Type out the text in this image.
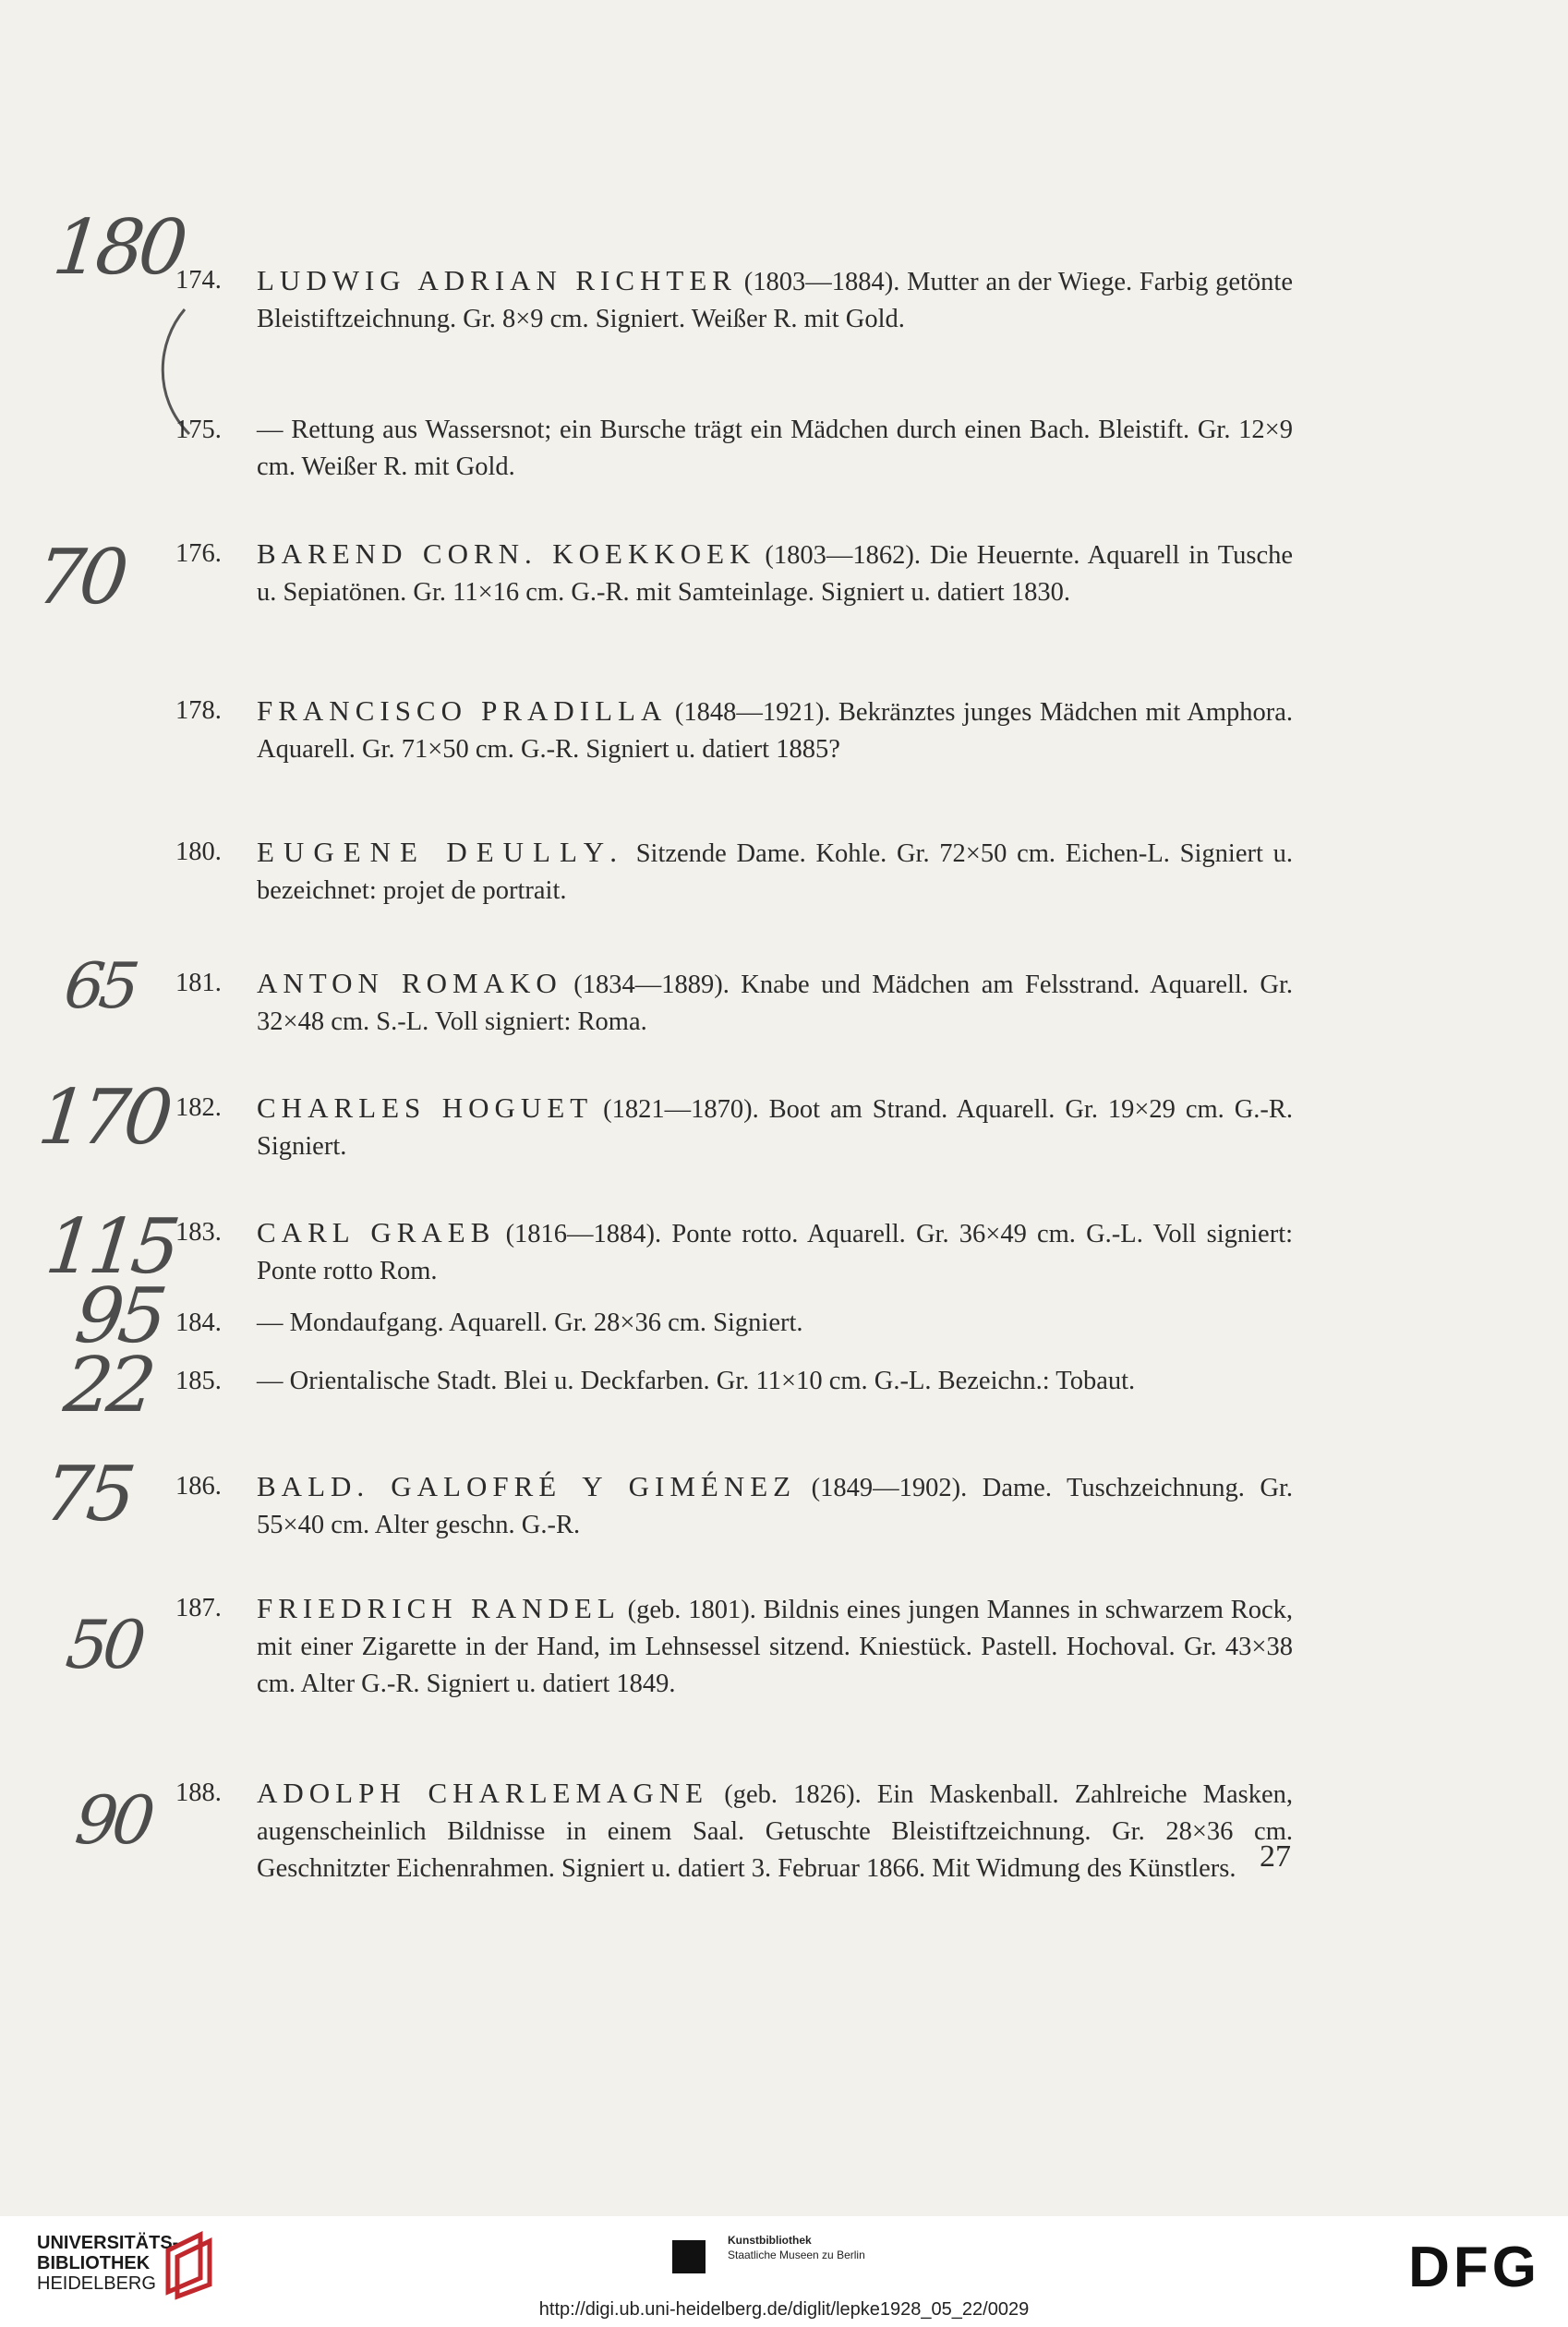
180
70
65
170
115
95
22
75
50
90
174.	LUDWIG ADRIAN RICHTER (1803—1884). Mutter an der Wiege. Farbig getönte Bleistiftzeichnung. Gr. 8×9 cm. Signiert. Weißer R. mit Gold.
175.	— Rettung aus Wassersnot; ein Bursche trägt ein Mädchen durch einen Bach. Bleistift. Gr. 12×9 cm. Weißer R. mit Gold.
176.	BAREND CORN. KOEKKOEK (1803—1862). Die Heuernte. Aquarell in Tusche u. Sepiatönen. Gr. 11×16 cm. G.-R. mit Samteinlage. Signiert u. datiert 1830.
178.	FRANCISCO PRADILLA (1848—1921). Bekränztes junges Mädchen mit Amphora. Aquarell. Gr. 71×50 cm. G.-R. Signiert u. datiert 1885?
180.	EUGENE DEULLY. Sitzende Dame. Kohle. Gr. 72×50 cm. Eichen-L. Signiert u. bezeichnet: projet de portrait.
181.	ANTON ROMAKO (1834—1889). Knabe und Mädchen am Felsstrand. Aquarell. Gr. 32×48 cm. S.-L. Voll signiert: Roma.
182.	CHARLES HOGUET (1821—1870). Boot am Strand. Aquarell. Gr. 19×29 cm. G.-R. Signiert.
183.	CARL GRAEB (1816—1884). Ponte rotto. Aquarell. Gr. 36×49 cm. G.-L. Voll signiert: Ponte rotto Rom.
184.	— Mondaufgang. Aquarell. Gr. 28×36 cm. Signiert.
185.	— Orientalische Stadt. Blei u. Deckfarben. Gr. 11×10 cm. G.-L. Bezeichn.: Tobaut.
186.	BALD. GALOFRÉ Y GIMÉNEZ (1849—1902). Dame. Tuschzeichnung. Gr. 55×40 cm. Alter geschn. G.-R.
187.	FRIEDRICH RANDEL (geb. 1801). Bildnis eines jungen Mannes in schwarzem Rock, mit einer Zigarette in der Hand, im Lehnsessel sitzend. Kniestück. Pastell. Hochoval. Gr. 43×38 cm. Alter G.-R. Signiert u. datiert 1849.
188.	ADOLPH CHARLEMAGNE (geb. 1826). Ein Maskenball. Zahlreiche Masken, augenscheinlich Bildnisse in einem Saal. Getuschte Bleistiftzeichnung. Gr. 28×36 cm. Geschnitzter Eichenrahmen. Signiert u. datiert 3. Februar 1866. Mit Widmung des Künstlers. 27
UNIVERSITÄTS-
BIBLIOTHEK
HEIDELBERG
Kunstbibliothek
Staatliche Museen zu Berlin	DFG
http://digi.ub.uni-heidelberg.de/diglit/lepke1928_05_22/0029
